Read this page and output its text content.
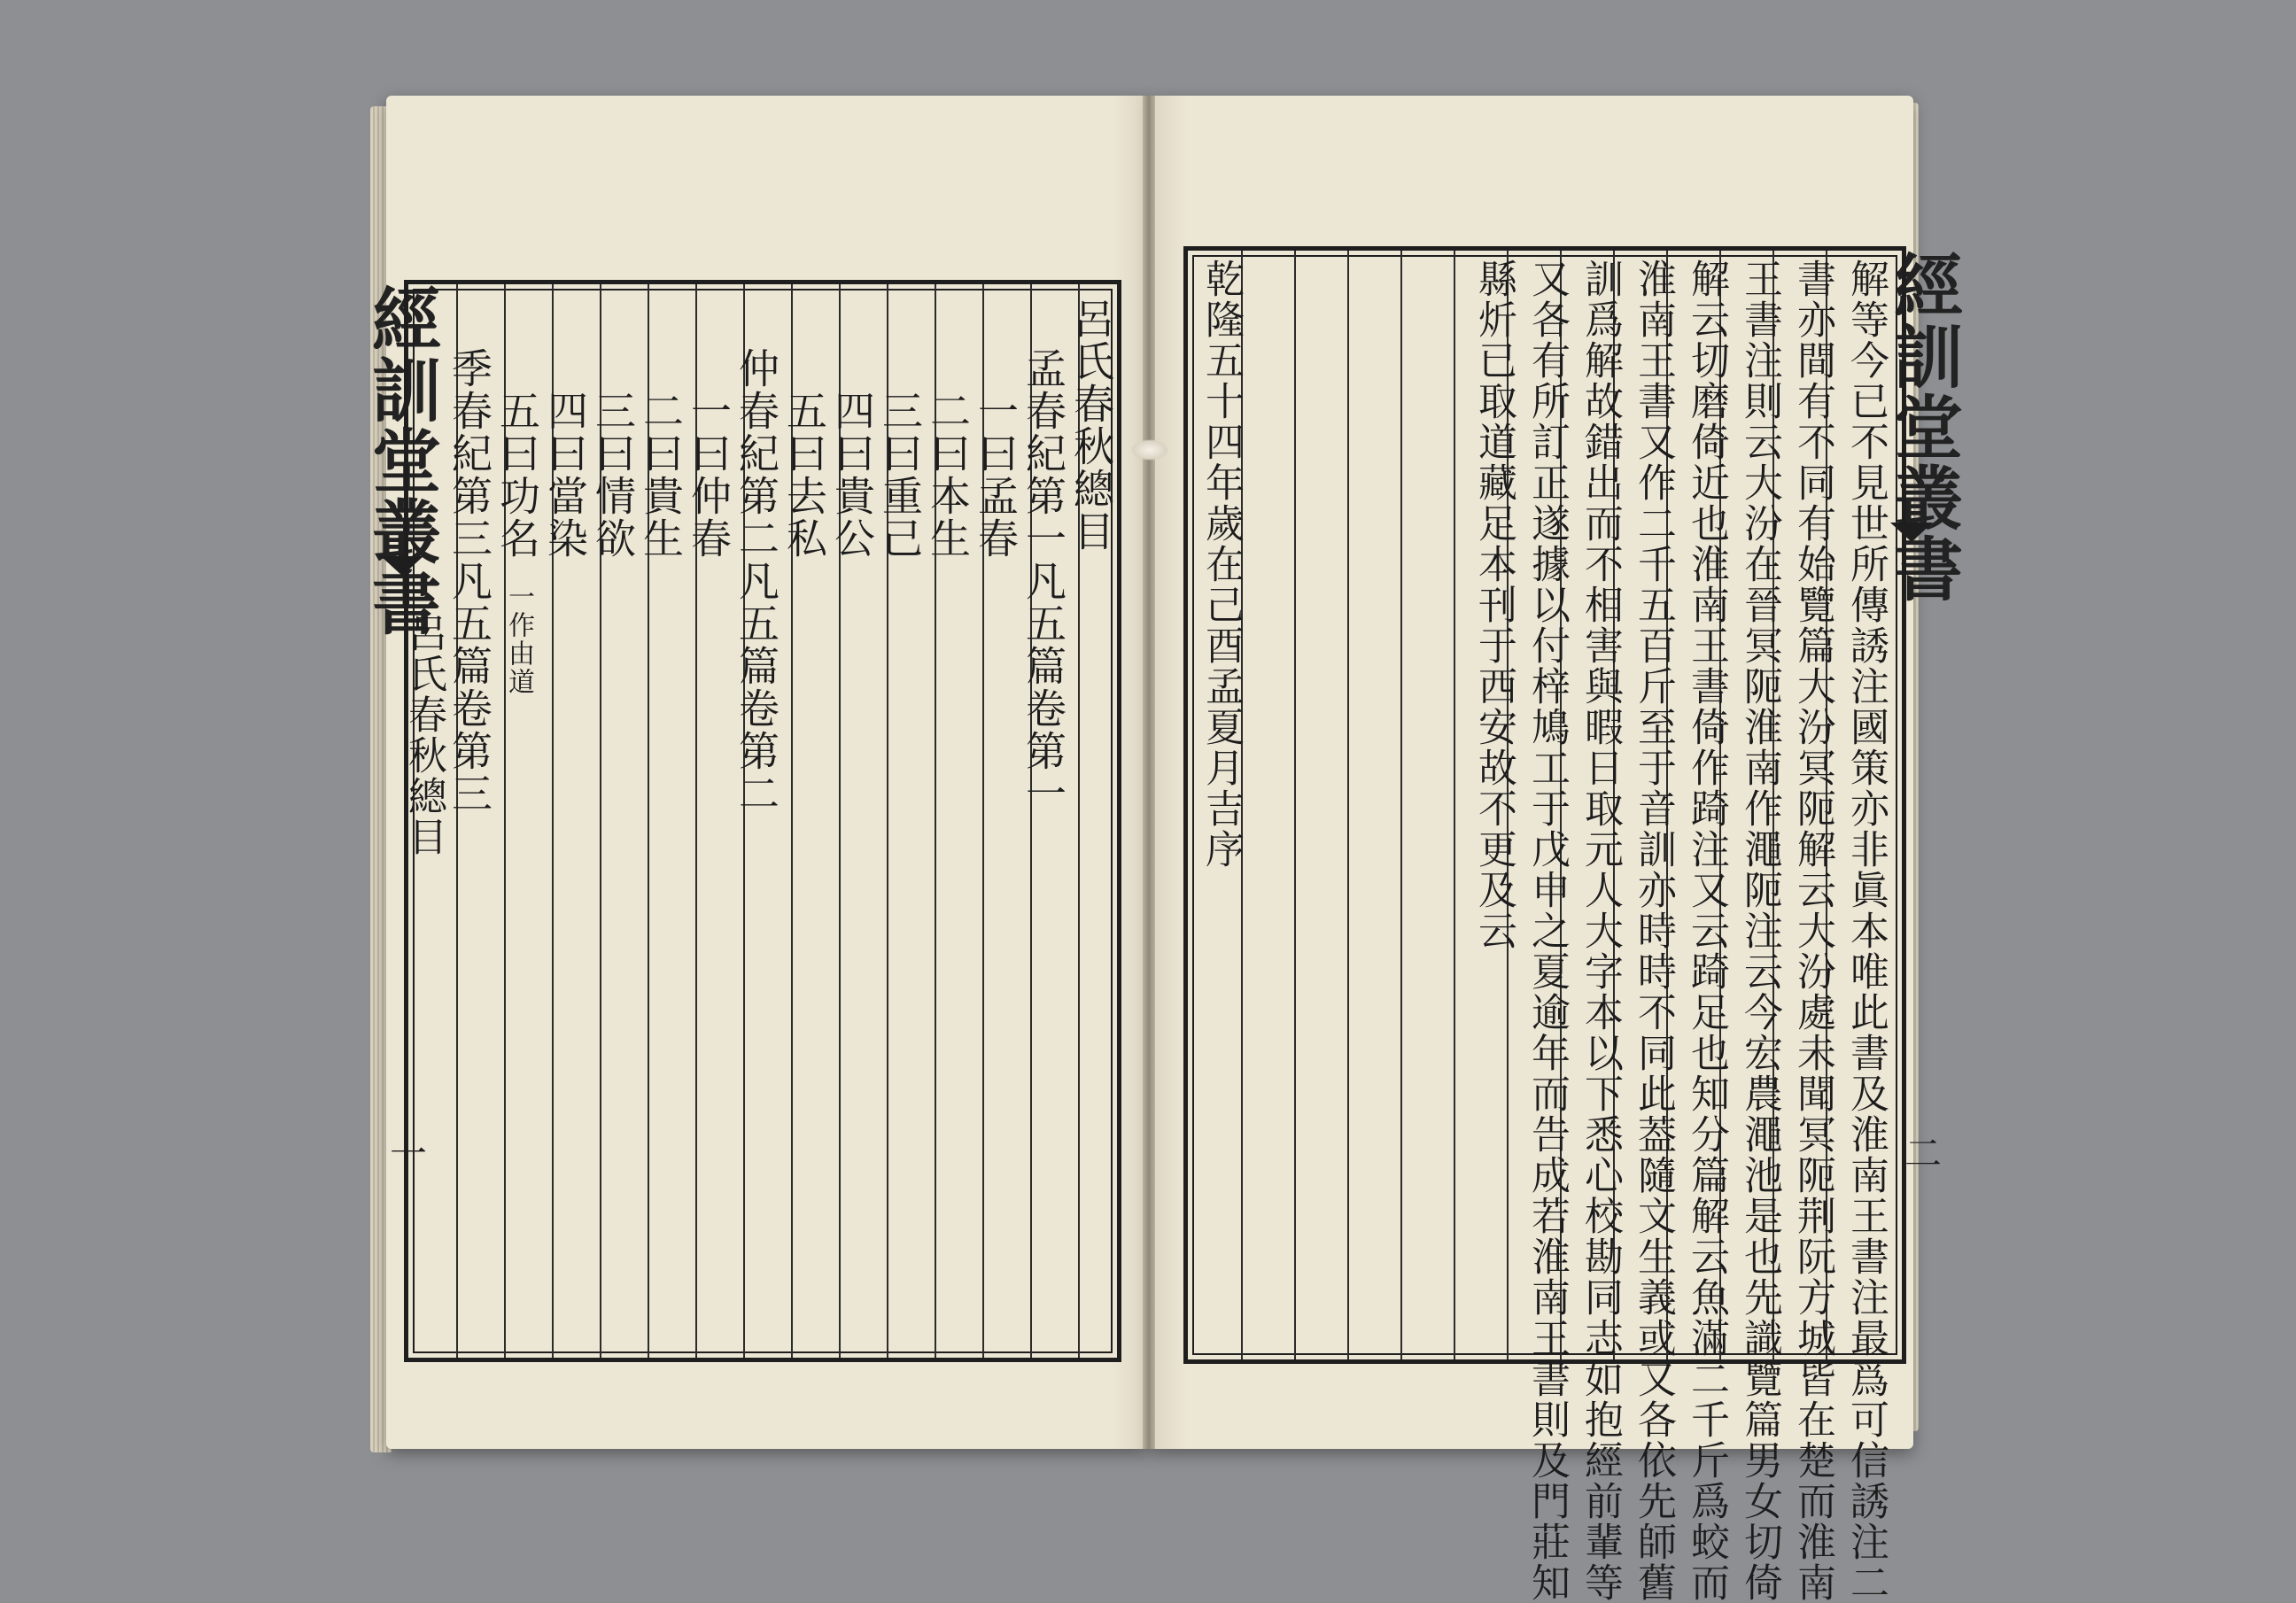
經訓堂叢書
呂氏春秋總目
一
呂氏春秋總目
孟春紀第一凡五篇卷第一
一曰孟春
二曰本生
三曰重己
四曰貴公
五曰去私
仲春紀第二凡五篇卷第二
一曰仲春
二曰貴生
三曰情欲
四曰當染
五曰功名
一作由道
季春紀第三凡五篇卷第三	經訓堂叢書
二
解等今已不見世所傳誘注國策亦非眞本唯此書及淮南王書注最爲可信誘注二
書亦間有不同有始覽篇大汾冥阨解云大汾處未聞冥阨荆阮方城皆在楚而淮南
王書注則云大汾在晉冥阨淮南作澠阨注云今宏農澠池是也先識覽篇男女切倚
解云切磨倚近也淮南王書倚作踦注又云踦足也知分篇解云魚滿二千斤爲蛟而
淮南王書又作二千五百斤至于音訓亦時時不同此葢隨文生義或又各依先師舊
訓爲解故錯出而不相害與暇日取元人大字本以下悉心校勘同志如抱經前輩等
又各有所訂正遂據以付梓鳩工于戊申之夏逾年而告成若淮南王書則及門莊知
縣炘已取道藏足本刊于西安故不更及云
乾隆五十四年歲在己酉孟夏月吉序
